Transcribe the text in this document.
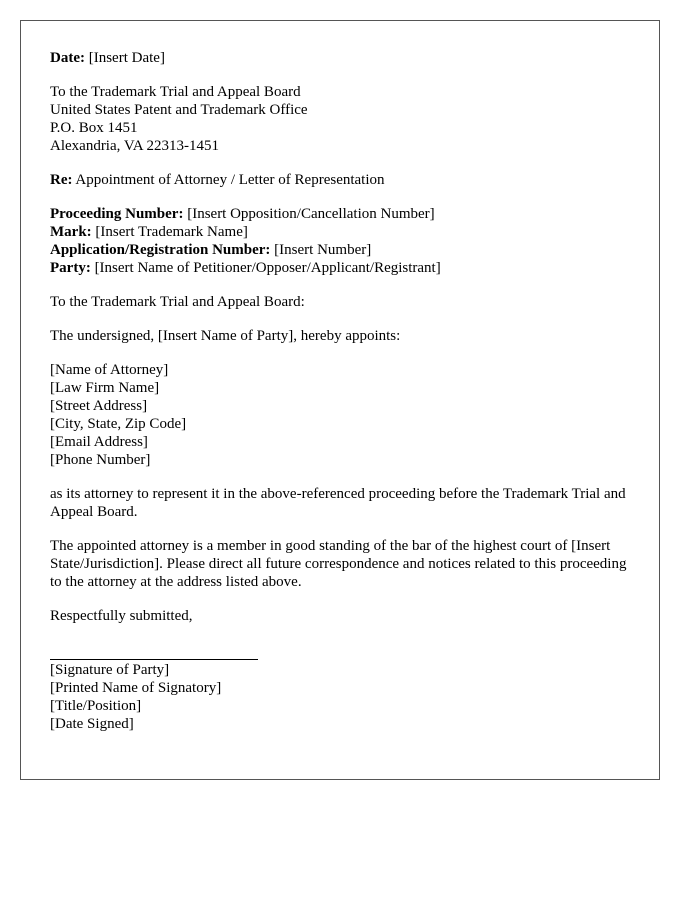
Date: [Insert Date]
To the Trademark Trial and Appeal Board
United States Patent and Trademark Office
P.O. Box 1451
Alexandria, VA 22313-1451
Re: Appointment of Attorney / Letter of Representation
Proceeding Number: [Insert Opposition/Cancellation Number]
Mark: [Insert Trademark Name]
Application/Registration Number: [Insert Number]
Party: [Insert Name of Petitioner/Opposer/Applicant/Registrant]
To the Trademark Trial and Appeal Board:
The undersigned, [Insert Name of Party], hereby appoints:
[Name of Attorney]
[Law Firm Name]
[Street Address]
[City, State, Zip Code]
[Email Address]
[Phone Number]
as its attorney to represent it in the above-referenced proceeding before the Trademark Trial and Appeal Board.
The appointed attorney is a member in good standing of the bar of the highest court of [Insert State/Jurisdiction]. Please direct all future correspondence and notices related to this proceeding to the attorney at the address listed above.
Respectfully submitted,
[Signature of Party]
[Printed Name of Signatory]
[Title/Position]
[Date Signed]
